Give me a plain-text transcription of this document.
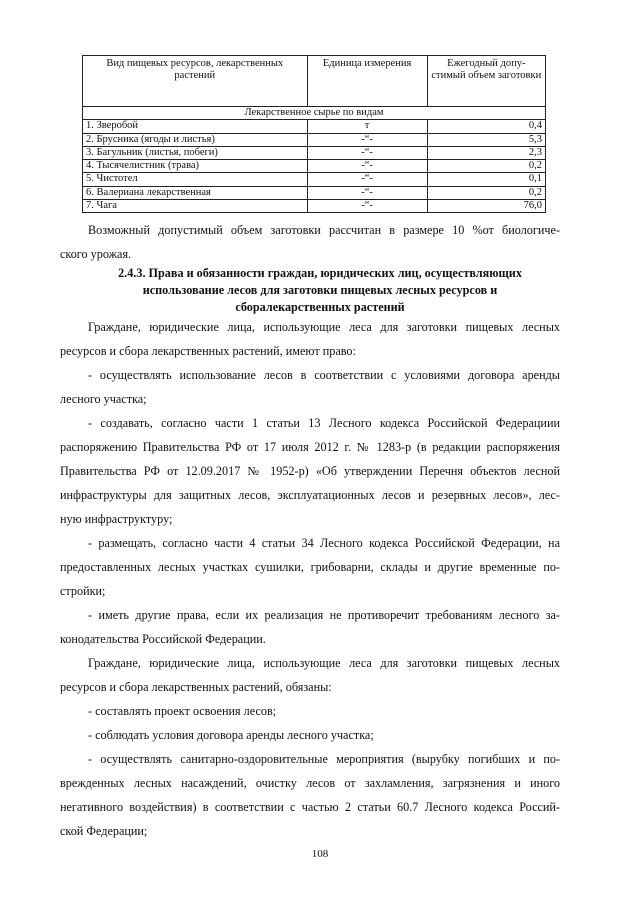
Вид пищевых ресурсов, лекарственных растений	Единица измерения	Ежегодный допу- стимый объем заготовки
Лекарственное сырье по видам		
1. Зверобой	т	0,4
2. Брусника (ягоды и листья)	-“-	5,3
3. Багульник (листья, побеги)	-“-	2,3
4. Тысячелистник (трава)	-“-	0,2
5. Чистотел	-“-	0,1
6. Валериана лекарственная	-“-	0,2
7. Чага	-“-	76,0
Возможный допустимый объем заготовки рассчитан в размере 10 %от биологиче-
ского урожая.
2.4.3. Права и обязанности граждан, юридических лиц, осуществляющих
использование лесов для заготовки пищевых лесных ресурсов и
сборалекарственных растений
Граждане, юридические лица, использующие леса для заготовки пищевых лесных
ресурсов и сбора лекарственных растений, имеют право:
- осуществлять использование лесов в соответствии с условиями договора аренды
лесного участка;
- создавать, согласно части 1 статьи 13 Лесного кодекса Российской Федерациии
распоряжению Правительства РФ от 17 июля 2012 г. № 1283-р (в редакции распоряжения
Правительства РФ от 12.09.2017 № 1952-р) «Об утверждении Перечня объектов лесной
инфраструктуры для защитных лесов, эксплуатационных лесов и резервных лесов», лес-
ную инфраструктуру;
- размещать, согласно части 4 статьи 34 Лесного кодекса Российской Федерации, на
предоставленных лесных участках сушилки, грибоварни, склады и другие временные по-
стройки;
- иметь другие права, если их реализация не противоречит требованиям лесного за-
конодательства Российской Федерации.
Граждане, юридические лица, использующие леса для заготовки пищевых лесных
ресурсов и сбора лекарственных растений, обязаны:
- составлять проект освоения лесов;
- соблюдать условия договора аренды лесного участка;
- осуществлять санитарно-оздоровительные мероприятия (вырубку погибших и по-
врежденных лесных насаждений, очистку лесов от захламления, загрязнения и иного
негативного воздействия) в соответствии с частью 2 статьи 60.7 Лесного кодекса Россий-
ской Федерации;
108
